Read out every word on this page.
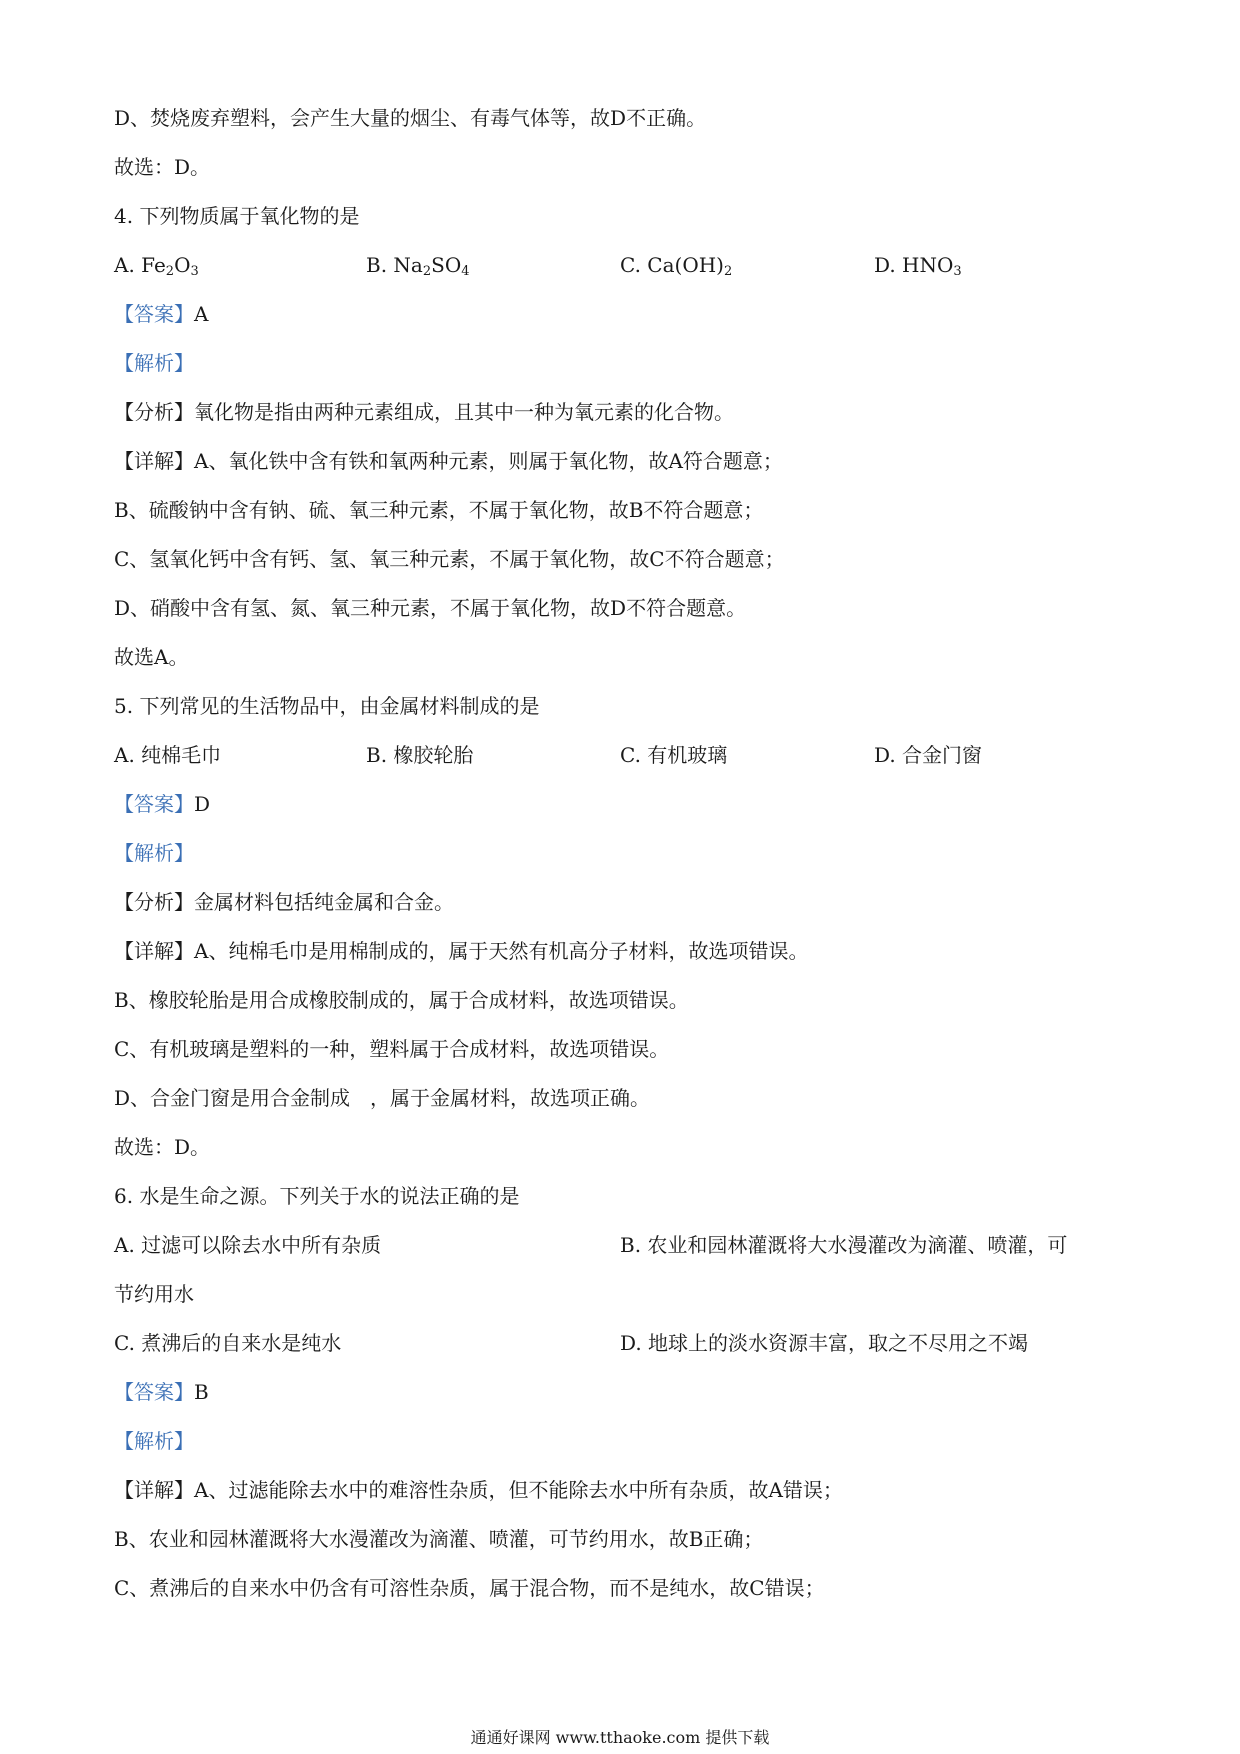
D、焚烧废弃塑料，会产生大量的烟尘、有毒气体等，故D不正确。
故选：D。
4. 下列物质属于氧化物的是
A. $Fe_2O_3$	B. $Na_2SO_4$	C. $Ca(OH)_2$	D. $HNO_3$
【答案】A
【解析】
【分析】氧化物是指由两种元素组成，且其中一种为氧元素的化合物。
【详解】A、氧化铁中含有铁和氧两种元素，则属于氧化物，故A符合题意；
B、硫酸钠中含有钠、硫、氧三种元素，不属于氧化物，故B不符合题意；
C、氢氧化钙中含有钙、氢、氧三种元素，不属于氧化物，故C不符合题意；
D、硝酸中含有氢、氮、氧三种元素，不属于氧化物，故D不符合题意。
故选A。
5. 下列常见的生活物品中，由金属材料制成的是
A. 纯棉毛巾	B. 橡胶轮胎	C. 有机玻璃	D. 合金门窗
【答案】D
【解析】
【分析】金属材料包括纯金属和合金。
【详解】A、纯棉毛巾是用棉制成的，属于天然有机高分子材料，故选项错误。
B、橡胶轮胎是用合成橡胶制成的，属于合成材料，故选项错误。
C、有机玻璃是塑料的一种，塑料属于合成材料，故选项错误。
D、合金门窗是用合金制成　，属于金属材料，故选项正确。
故选：D。
6. 水是生命之源。下列关于水的说法正确的是
A. 过滤可以除去水中所有杂质	B. 农业和园林灌溉将大水漫灌改为滴灌、喷灌，可
节约用水
C. 煮沸后的自来水是纯水	D. 地球上的淡水资源丰富，取之不尽用之不竭
【答案】B
【解析】
【详解】A、过滤能除去水中的难溶性杂质，但不能除去水中所有杂质，故A错误；
B、农业和园林灌溉将大水漫灌改为滴灌、喷灌，可节约用水，故B正确；
C、煮沸后的自来水中仍含有可溶性杂质，属于混合物，而不是纯水，故C错误；
通通好课网 www.tthaoke.com 提供下载
